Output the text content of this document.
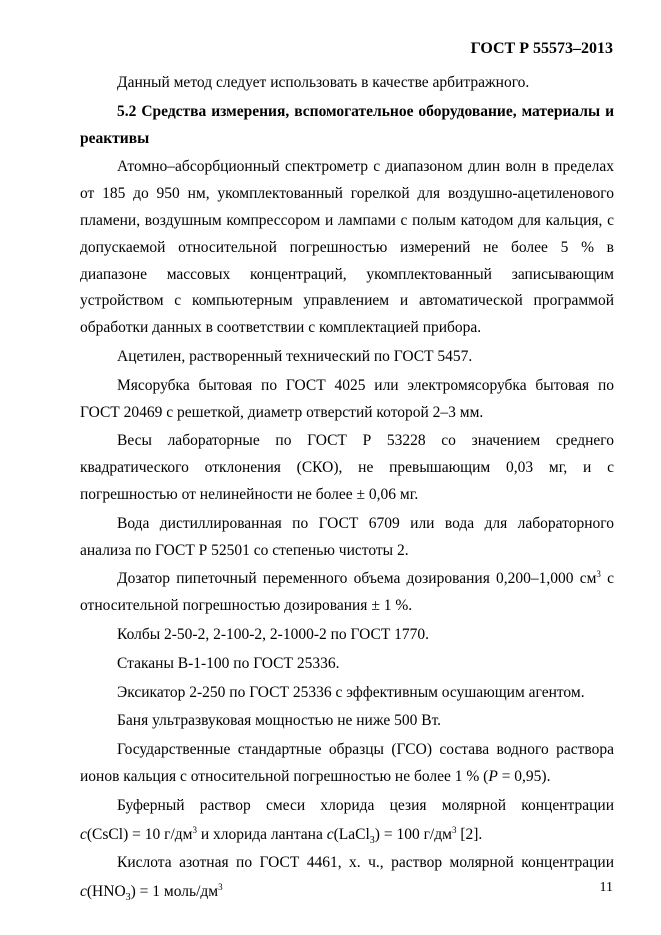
ГОСТ Р 55573–2013

Данный метод следует использовать в качестве арбитражного.

5.2 Средства измерения, вспомогательное оборудование, материалы и реактивы

Атомно–абсорбционный спектрометр с диапазоном длин волн в пределах от 185 до 950 нм, укомплектованный горелкой для воздушно-ацетиленового пламени, воздушным компрессором и лампами с полым катодом для кальция, с допускаемой относительной погрешностью измерений не более 5 % в диапазоне массовых концентраций, укомплектованный записывающим устройством с компьютерным управлением и автоматической программой обработки данных в соответствии с комплектацией прибора.

Ацетилен, растворенный технический по ГОСТ 5457.

Мясорубка бытовая по ГОСТ 4025 или электромясорубка бытовая по ГОСТ 20469 с решеткой, диаметр отверстий которой 2–3 мм.

Весы лабораторные по ГОСТ Р 53228 со значением среднего квадратического отклонения (СКО), не превышающим 0,03 мг, и с погрешностью от нелинейности не более ± 0,06 мг.

Вода дистиллированная по ГОСТ 6709 или вода для лабораторного анализа по ГОСТ Р 52501 со степенью чистоты 2.

Дозатор пипеточный переменного объема дозирования 0,200–1,000 $см^3$ с относительной погрешностью дозирования ± 1 %.

Колбы 2-50-2, 2-100-2, 2-1000-2 по ГОСТ 1770.

Стаканы В-1-100 по ГОСТ 25336.

Эксикатор 2-250 по ГОСТ 25336 с эффективным осушающим агентом.

Баня ультразвуковая мощностью не ниже 500 Вт.

Государственные стандартные образцы (ГСО) состава водного раствора ионов кальция с относительной погрешностью не более 1 % (P = 0,95).

Буферный раствор смеси хлорида цезия молярной концентрации

c(CsCl) = 10 $г/дм^3$ и хлорида лантана c(LaCl$_3$) = 100 $г/дм^3$ [2].

Кислота азотная по ГОСТ 4461, х. ч., раствор молярной концентрации

$c(HNO_3) = 1$ моль/$дм^3$	11
